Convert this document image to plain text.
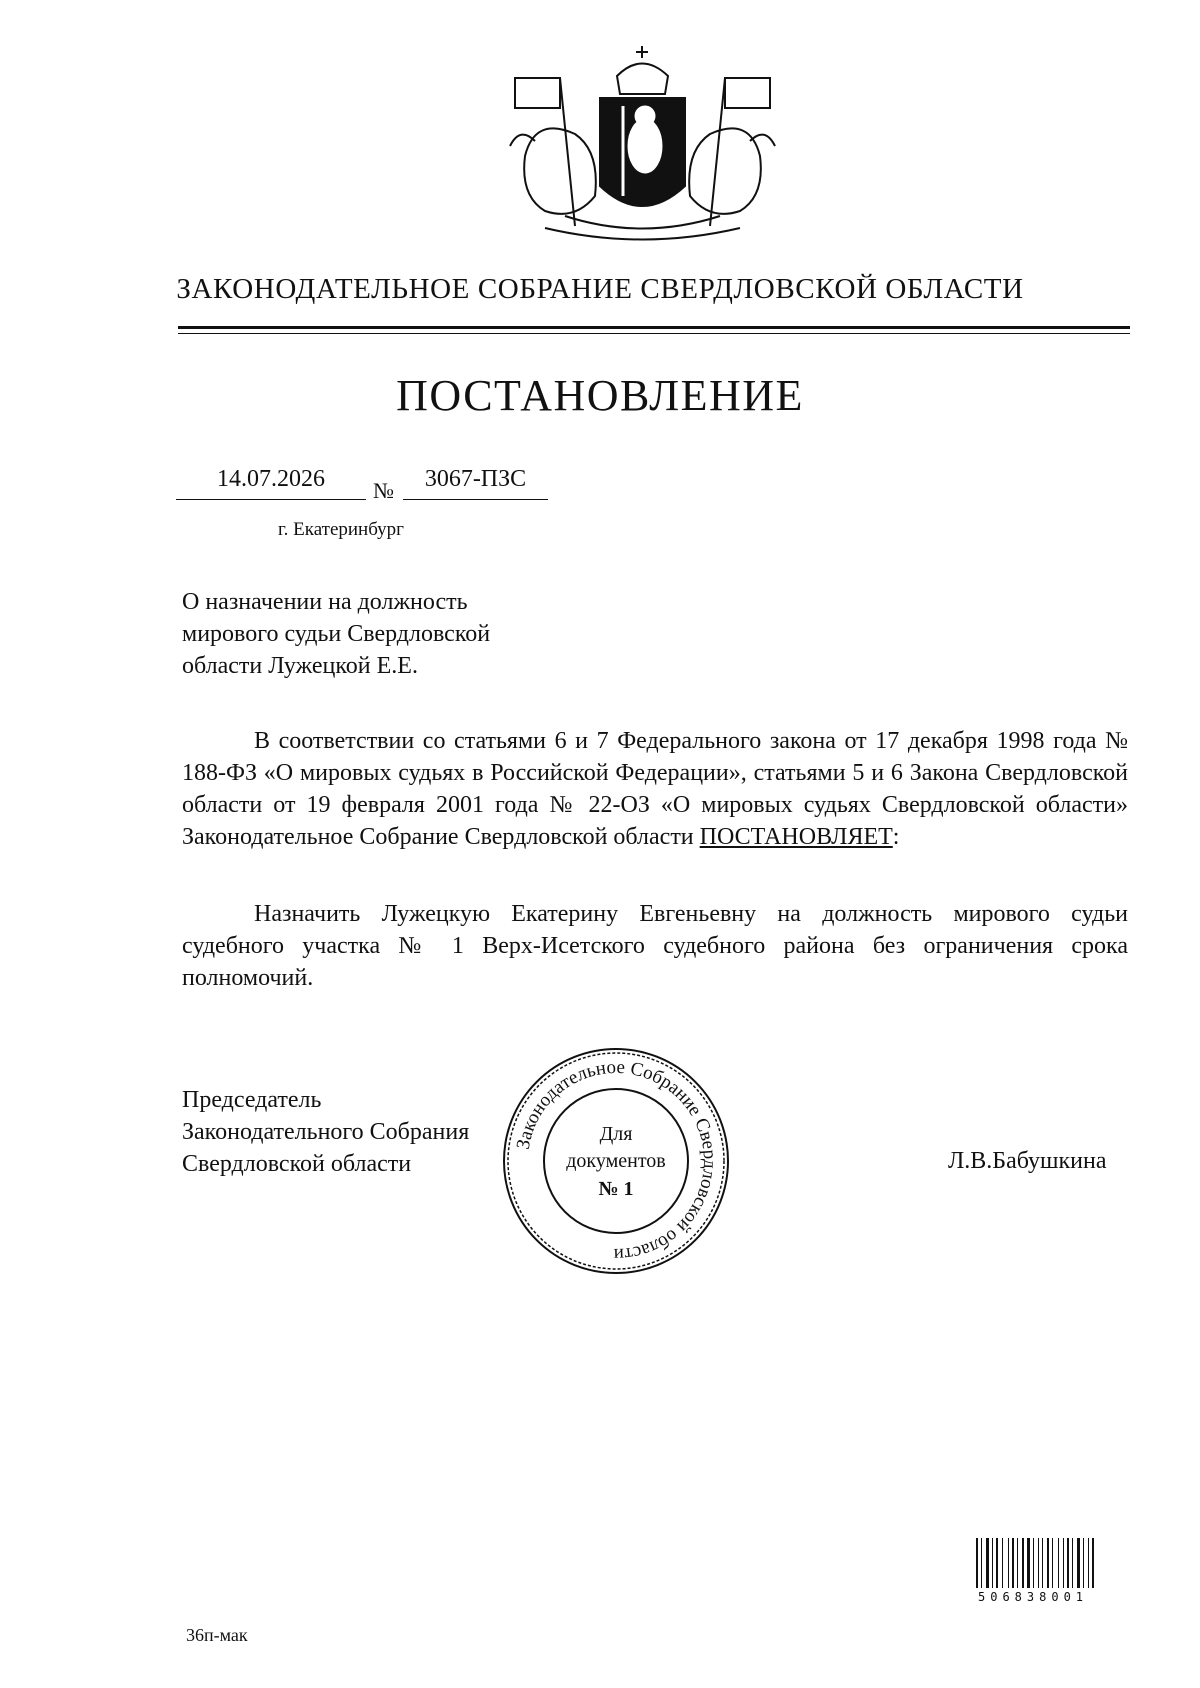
ЗАКОНОДАТЕЛЬНОЕ СОБРАНИЕ СВЕРДЛОВСКОЙ ОБЛАСТИ
ПОСТАНОВЛЕНИЕ
14.07.2026	№	3067-ПЗС
г. Екатеринбург
О назначении на должность
мирового судьи Свердловской
области Лужецкой Е.Е.
В соответствии со статьями 6 и 7 Федерального закона от 17 декабря 1998 года № 188-ФЗ «О мировых судьях в Российской Федерации», статьями 5 и 6 Закона Свердловской области от 19 февраля 2001 года № 22-ОЗ «О мировых судьях Свердловской области» Законодательное Собрание Свердловской области ПОСТАНОВЛЯЕТ:
Назначить Лужецкую Екатерину Евгеньевну на должность мирового судьи судебного участка № 1 Верх-Исетского судебного района без ограничения срока полномочий.
Председатель
Законодательного Собрания
Свердловской области	Л.В.Бабушкина
Законодательное Собрание Свердловской области
Для
документов
№ 1
506838001
36п-мак
